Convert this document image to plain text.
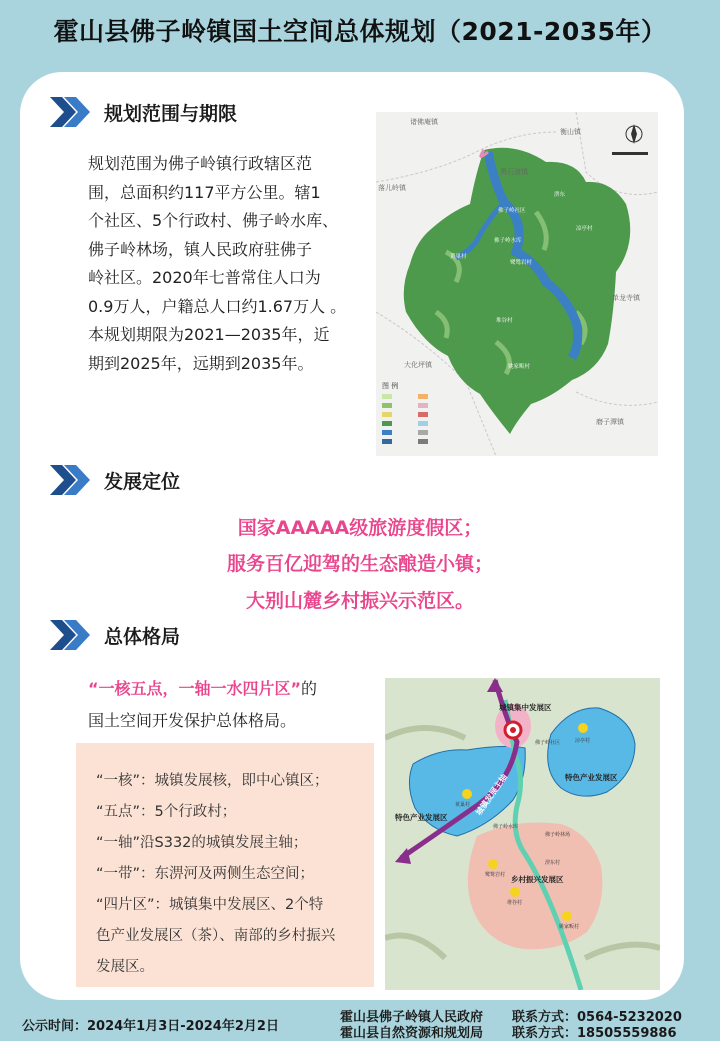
霍山县佛子岭镇国土空间总体规划（2021-2035年）
规划范围与期限
规划范围为佛子岭镇行政辖区范
围，总面积约117平方公里。辖1
个社区、5个行政村、佛子岭水库、
佛子岭林场，镇人民政府驻佛子
岭社区。2020年七普常住人口为
0.9万人，户籍总人口约1.67万人 。
本规划期限为2021—2035年，近
期到2025年，远期到2035年。
诸佛庵镇
衡山镇
黑石渡镇
落儿岭镇
单龙寺镇
大化坪镇
磨子潭镇
佛子岭社区
佛子岭水库
黄巢村
淠东
凉亭村
鹭鸶岩村
堆谷村
姚家畈村
图 例
发展定位
国家AAAAA级旅游度假区；
服务百亿迎驾的生态酿造小镇；
大别山麓乡村振兴示范区。
总体格局
“一核五点，一轴一水四片区”的
国土空间开发保护总体格局。
“一核”：城镇发展核，即中心镇区；
“五点”：5个行政村；
“一轴”沿S332的城镇发展主轴；
“一带”：东淠河及两侧生态空间；
“四片区”：城镇集中发展区、2个特
色产业发展区（茶）、南部的乡村振兴
发展区。
城镇集中发展区
特色产业发展区
特色产业发展区
乡村振兴发展区
城镇发展主轴
佛子岭社区	凉亭村
黄巢村
佛子岭水库
佛子岭林场
淠东村
鹭鸶岩村
堆谷村
姚家畈村
公示时间：2024年1月3日-2024年2月2日
霍山县佛子岭镇人民政府
霍山县自然资源和规划局
联系方式：0564-5232020
联系方式：18505559886
